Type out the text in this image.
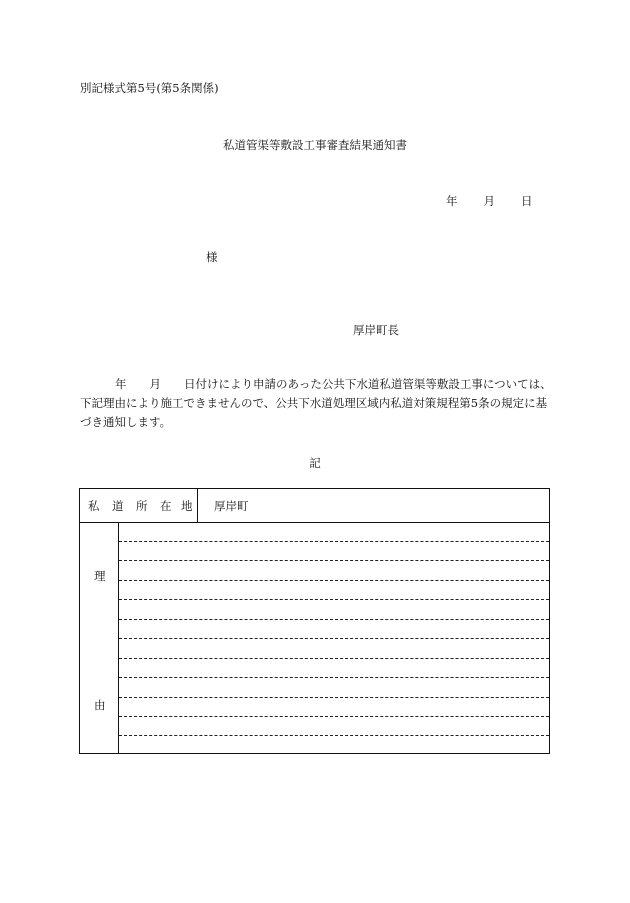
別記様式第5号(第5条関係)
私道管渠等敷設工事審査結果通知書
年 月 日
様
厚岸町長

年　　月　　日付けにより申請のあった公共下水道私道管渠等敷設工事については、

下記理由により施工できませんので、公共下水道処理区域内私道対策規程第5条の規定に基

づき通知します。

記
私 道 所 在 地 厚岸町
理
由
